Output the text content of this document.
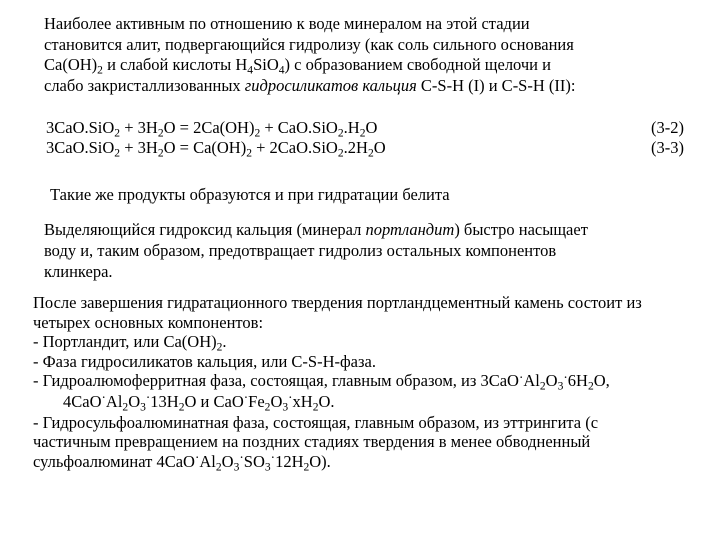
Наиболее активным по отношению к воде минералом на этой стадии
становится алит, подвергающийся гидролизу (как соль сильного основания
$Ca(OH)_2$ и слабой кислоты $H_4SiO_4$) с образованием свободной щелочи и
слабо закристаллизованных гидросиликатов кальция C-S-H (I) и C-S-H (II):
$3CaO.SiO_2 + 3H_2O = 2Ca(OH)_2 + CaO.SiO_2.H_2O$	(3-2)
$3CaO.SiO_2 + 3H_2O = Ca(OH)_2 + 2CaO.SiO_2.2H_2O$	(3-3)
Такие же продукты образуются и при гидратации белита
Выделяющийся гидроксид кальция (минерал портландит) быстро насыщает
воду и, таким образом, предотвращает гидролиз остальных компонентов
клинкера.
После завершения гидратационного твердения портландцементный камень состоит из
четырех основных компонентов:
- Портландит, или $Ca(OH)_2$.
- Фаза гидросиликатов кальция, или C-S-H-фаза.
- Гидроалюмоферритная фаза, состоящая, главным образом, из $3CaO^\cdot Al_2O_3^\cdot 6H_2O$,
$4CaO^\cdot Al_2O_3^\cdot 13H_2O$ и $CaO^\cdot Fe_2O_3^\cdot xH_2O$.
- Гидросульфоалюминатная фаза, состоящая, главным образом, из эттрингита (с
частичным превращением на поздних стадиях твердения в менее обводненный
сульфоалюминат $4CaO^\cdot Al_2O_3^\cdot SO_3^\cdot 12H_2O$).
